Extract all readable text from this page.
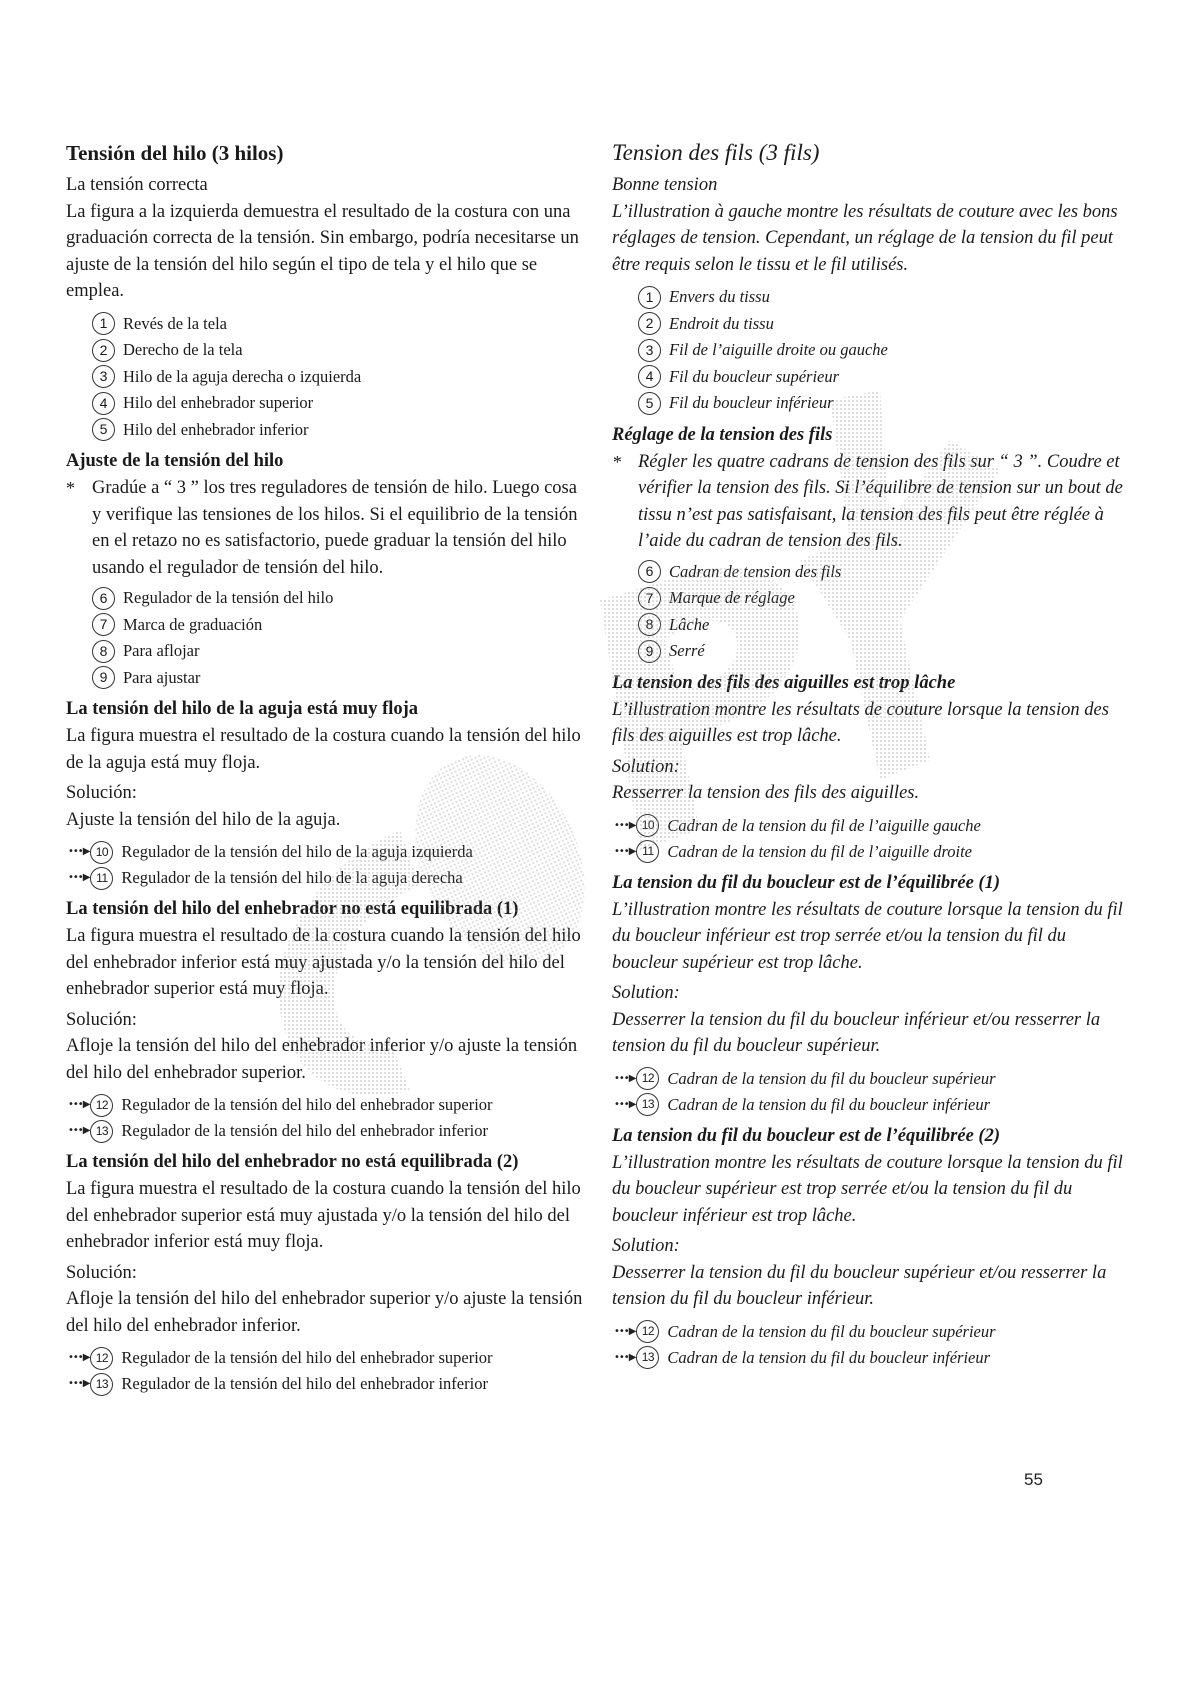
Tensión del hilo (3 hilos)

La tensión correcta

La figura a la izquierda demuestra el resultado de la costura con una graduación correcta de la tensión. Sin embargo, podría necesitarse un ajuste de la tensión del hilo según el tipo de tela y el hilo que se emplea.

1 Revés de la tela
2 Derecho de la tela
3 Hilo de la aguja derecha o izquierda
4 Hilo del enhebrador superior
5 Hilo del enhebrador inferior
Ajuste de la tensión del hilo
* Gradúe a “ 3 ” los tres reguladores de tensión de hilo. Luego cosa y verifique las tensiones de los hilos. Si el equilibrio de la tensión en el retazo no es satisfactorio, puede graduar la tensión del hilo usando el regulador de tensión del hilo.

6 Regulador de la tensión del hilo
7 Marca de graduación
8 Para aflojar
9 Para ajustar
La tensión del hilo de la aguja está muy floja

La figura muestra el resultado de la costura cuando la tensión del hilo de la aguja está muy floja.

Solución:

Ajuste la tensión del hilo de la aguja.

•••▶ 10 Regulador de la tensión del hilo de la aguja izquierda
•••▶ 11 Regulador de la tensión del hilo de la aguja derecha
La tensión del hilo del enhebrador no está equilibrada (1)

La figura muestra el resultado de la costura cuando la tensión del hilo del enhebrador inferior está muy ajustada y/o la tensión del hilo del enhebrador superior está muy floja.

Solución:

Afloje la tensión del hilo del enhebrador inferior y/o ajuste la tensión del hilo del enhebrador superior.

•••▶ 12 Regulador de la tensión del hilo del enhebrador superior
•••▶ 13 Regulador de la tensión del hilo del enhebrador inferior
La tensión del hilo del enhebrador no está equilibrada (2)

La figura muestra el resultado de la costura cuando la tensión del hilo del enhebrador superior está muy ajustada y/o la tensión del hilo del enhebrador inferior está muy floja.

Solución:

Afloje la tensión del hilo del enhebrador superior y/o ajuste la tensión del hilo del enhebrador inferior.

•••▶ 12 Regulador de la tensión del hilo del enhebrador superior
•••▶ 13 Regulador de la tensión del hilo del enhebrador inferior
Tension des fils (3 fils)

Bonne tension

L’illustration à gauche montre les résultats de couture avec les bons réglages de tension. Cependant, un réglage de la tension du fil peut être requis selon le tissu et le fil utilisés.

1 Envers du tissu
2 Endroit du tissu
3 Fil de l’aiguille droite ou gauche
4 Fil du boucleur supérieur
5 Fil du boucleur inférieur
Réglage de la tension des fils
* Régler les quatre cadrans de tension des fils sur “ 3 ”. Coudre et vérifier la tension des fils. Si l’équilibre de tension sur un bout de tissu n’est pas satisfaisant, la tension des fils peut être réglée à l’aide du cadran de tension des fils.

6 Cadran de tension des fils
7 Marque de réglage
8 Lâche
9 Serré
La tension des fils des aiguilles est trop lâche

L’illustration montre les résultats de couture lorsque la tension des fils des aiguilles est trop lâche.

Solution:

Resserrer la tension des fils des aiguilles.

•••▶ 10 Cadran de la tension du fil de l’aiguille gauche
•••▶ 11 Cadran de la tension du fil de l’aiguille droite
La tension du fil du boucleur est de l’équilibrée (1)

L’illustration montre les résultats de couture lorsque la tension du fil du boucleur inférieur est trop serrée et/ou la tension du fil du boucleur supérieur est trop lâche.

Solution:

Desserrer la tension du fil du boucleur inférieur et/ou resserrer la tension du fil du boucleur supérieur.

•••▶ 12 Cadran de la tension du fil du boucleur supérieur
•••▶ 13 Cadran de la tension du fil du boucleur inférieur
La tension du fil du boucleur est de l’équilibrée (2)

L’illustration montre les résultats de couture lorsque la tension du fil du boucleur supérieur est trop serrée et/ou la tension du fil du boucleur inférieur est trop lâche.

Solution:

Desserrer la tension du fil du boucleur supérieur et/ou resserrer la tension du fil du boucleur inférieur.

•••▶ 12 Cadran de la tension du fil du boucleur supérieur
•••▶ 13 Cadran de la tension du fil du boucleur inférieur
55
